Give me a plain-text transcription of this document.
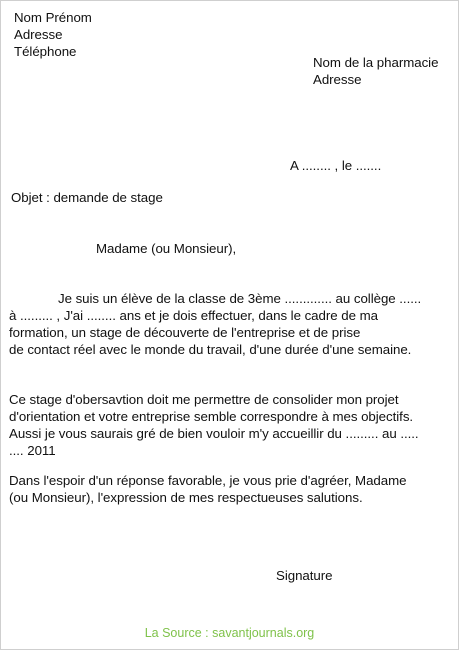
Nom Prénom
Adresse
Téléphone
Nom de la pharmacie
Adresse
A ........ , le .......
Objet : demande de stage
Madame (ou Monsieur),
Je suis un élève de la classe de 3ème ............. au collège ......
à ......... , J'ai ........ ans et je dois effectuer, dans le cadre de ma
formation, un stage de découverte de l'entreprise et de prise
de contact réel avec le monde du travail, d'une durée d'une semaine.
Ce stage d'obersavtion doit me permettre de consolider mon projet
d'orientation et votre entreprise semble correspondre à mes objectifs.
Aussi je vous saurais gré de bien vouloir m'y accueillir du ......... au .....
.... 2011
Dans l'espoir d'un réponse favorable, je vous prie d'agréer, Madame
(ou Monsieur), l'expression de mes respectueuses salutions.
Signature
La Source : savantjournals.org
